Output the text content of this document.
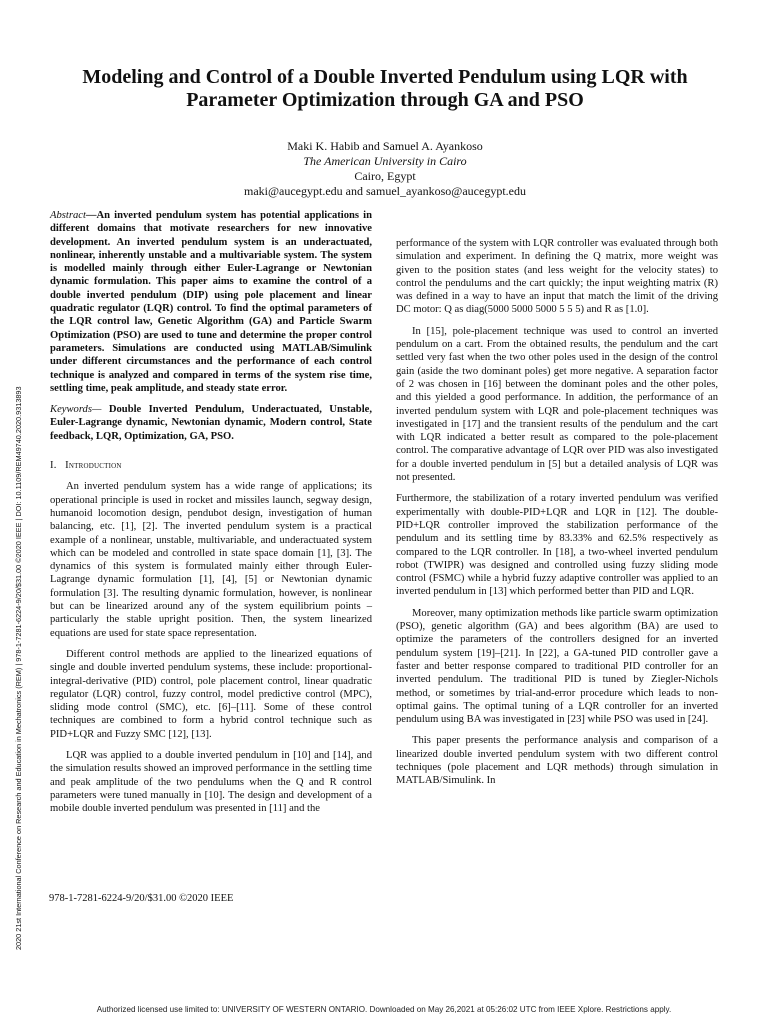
Modeling and Control of a Double Inverted Pendulum using LQR with Parameter Optimization through GA and PSO
Maki K. Habib and Samuel A. Ayankoso
The American University in Cairo
Cairo, Egypt
maki@aucegypt.edu and samuel_ayankoso@aucegypt.edu
2020 21st International Conference on Research and Education in Mechatronics (REM) | 978-1-7281-6224-9/20/$31.00 ©2020 IEEE | DOI: 10.1109/REM49740.2020.9313893

Abstract—An inverted pendulum system has potential applications in different domains that motivate researchers for new innovative development. An inverted pendulum system is an underactuated, nonlinear, inherently unstable and a multivariable system. The system is modelled mainly through either Euler-Lagrange or Newtonian dynamic formulation. This paper aims to examine the control of a double inverted pendulum (DIP) using pole placement and linear quadratic regulator (LQR) control. To find the optimal parameters of the LQR control law, Genetic Algorithm (GA) and Particle Swarm Optimization (PSO) are used to tune and determine the proper control parameters. Simulations are conducted using MATLAB/Simulink under different circumstances and the performance of each control technique is analyzed and compared in terms of the system rise time, settling time, peak amplitude, and steady state error.

Keywords— Double Inverted Pendulum, Underactuated, Unstable, Euler-Lagrange dynamic, Newtonian dynamic, Modern control, State feedback, LQR, Optimization, GA, PSO.

I. Introduction

An inverted pendulum system has a wide range of applications; its operational principle is used in rocket and missiles launch, segway design, humanoid locomotion design, pendubot design, investigation of human balancing, etc. [1], [2]. The inverted pendulum system is a practical example of a nonlinear, unstable, multivariable, and underactuated system which can be modeled and controlled in state space domain [1], [3]. The dynamics of this system is formulated mainly either through Euler-Lagrange dynamic formulation [1], [4], [5] or Newtonian dynamic formulation [3]. The resulting dynamic formulation, however, is nonlinear but can be linearized around any of the system equilibrium points – particularly the stable upright position. Then, the system linearized equations are used for state space representation.

Different control methods are applied to the linearized equations of single and double inverted pendulum systems, these include: proportional- integral-derivative (PID) control, pole placement control, linear quadratic regulator (LQR) control, fuzzy control, model predictive control (MPC), sliding mode control (SMC), etc. [6]–[11]. Some of these control techniques are combined to form a hybrid control technique such as PID+LQR and Fuzzy SMC [12], [13].

LQR was applied to a double inverted pendulum in [10] and [14], and the simulation results showed an improved performance in the settling time and peak amplitude of the two pendulums when the Q and R control parameters were tuned manually in [10]. The design and development of a mobile double inverted pendulum was presented in [11] and the

performance of the system with LQR controller was evaluated through both simulation and experiment. In defining the Q matrix, more weight was given to the position states (and less weight for the velocity states) to control the pendulums and the cart quickly; the input weighting matrix (R) was defined in a way to have an input that match the limit of the driving DC motor: Q as diag(5000 5000 5000 5 5 5) and R as [1.0].

In [15], pole-placement technique was used to control an inverted pendulum on a cart. From the obtained results, the pendulum and the cart settled very fast when the two other poles used in the design of the control gain (aside the two dominant poles) get more negative. A separation factor of 2 was chosen in [16] between the dominant poles and the other poles, and this yielded a good performance. In addition, the performance of an inverted pendulum system with LQR and pole-placement techniques was investigated in [17] and the transient results of the pendulum and the cart with LQR indicated a better result as compared to the pole-placement control. The comparative advantage of LQR over PID was also investigated for a double inverted pendulum in [5] but a detailed analysis of LQR was not presented.

Furthermore, the stabilization of a rotary inverted pendulum was verified experimentally with double-PID+LQR and LQR in [12]. The double-PID+LQR controller improved the stabilization performance of the pendulum and its settling time by 83.33% and 62.5% respectively as compared to the LQR controller. In [18], a two-wheel inverted pendulum robot (TWIPR) was designed and controlled using fuzzy sliding mode control (FSMC) while a hybrid fuzzy adaptive controller was applied to an inverted pendulum in [13] which performed better than PID and LQR.

Moreover, many optimization methods like particle swarm optimization (PSO), genetic algorithm (GA) and bees algorithm (BA) are used to optimize the parameters of the controllers designed for an inverted pendulum system [19]–[21]. In [22], a GA-tuned PID controller gave a faster and better response compared to traditional PID controller for an inverted pendulum. The traditional PID is tuned by Ziegler-Nichols method, or sometimes by trial-and-error procedure which leads to non-optimal gains. The optimal tuning of a LQR controller for an inverted pendulum using BA was investigated in [23] while PSO was used in [24].

This paper presents the performance analysis and comparison of a linearized double inverted pendulum system with two different control techniques (pole placement and LQR methods) through simulation in MATLAB/Simulink. In

978-1-7281-6224-9/20/$31.00 ©2020 IEEE
Authorized licensed use limited to: UNIVERSITY OF WESTERN ONTARIO. Downloaded on May 26,2021 at 05:26:02 UTC from IEEE Xplore. Restrictions apply.
